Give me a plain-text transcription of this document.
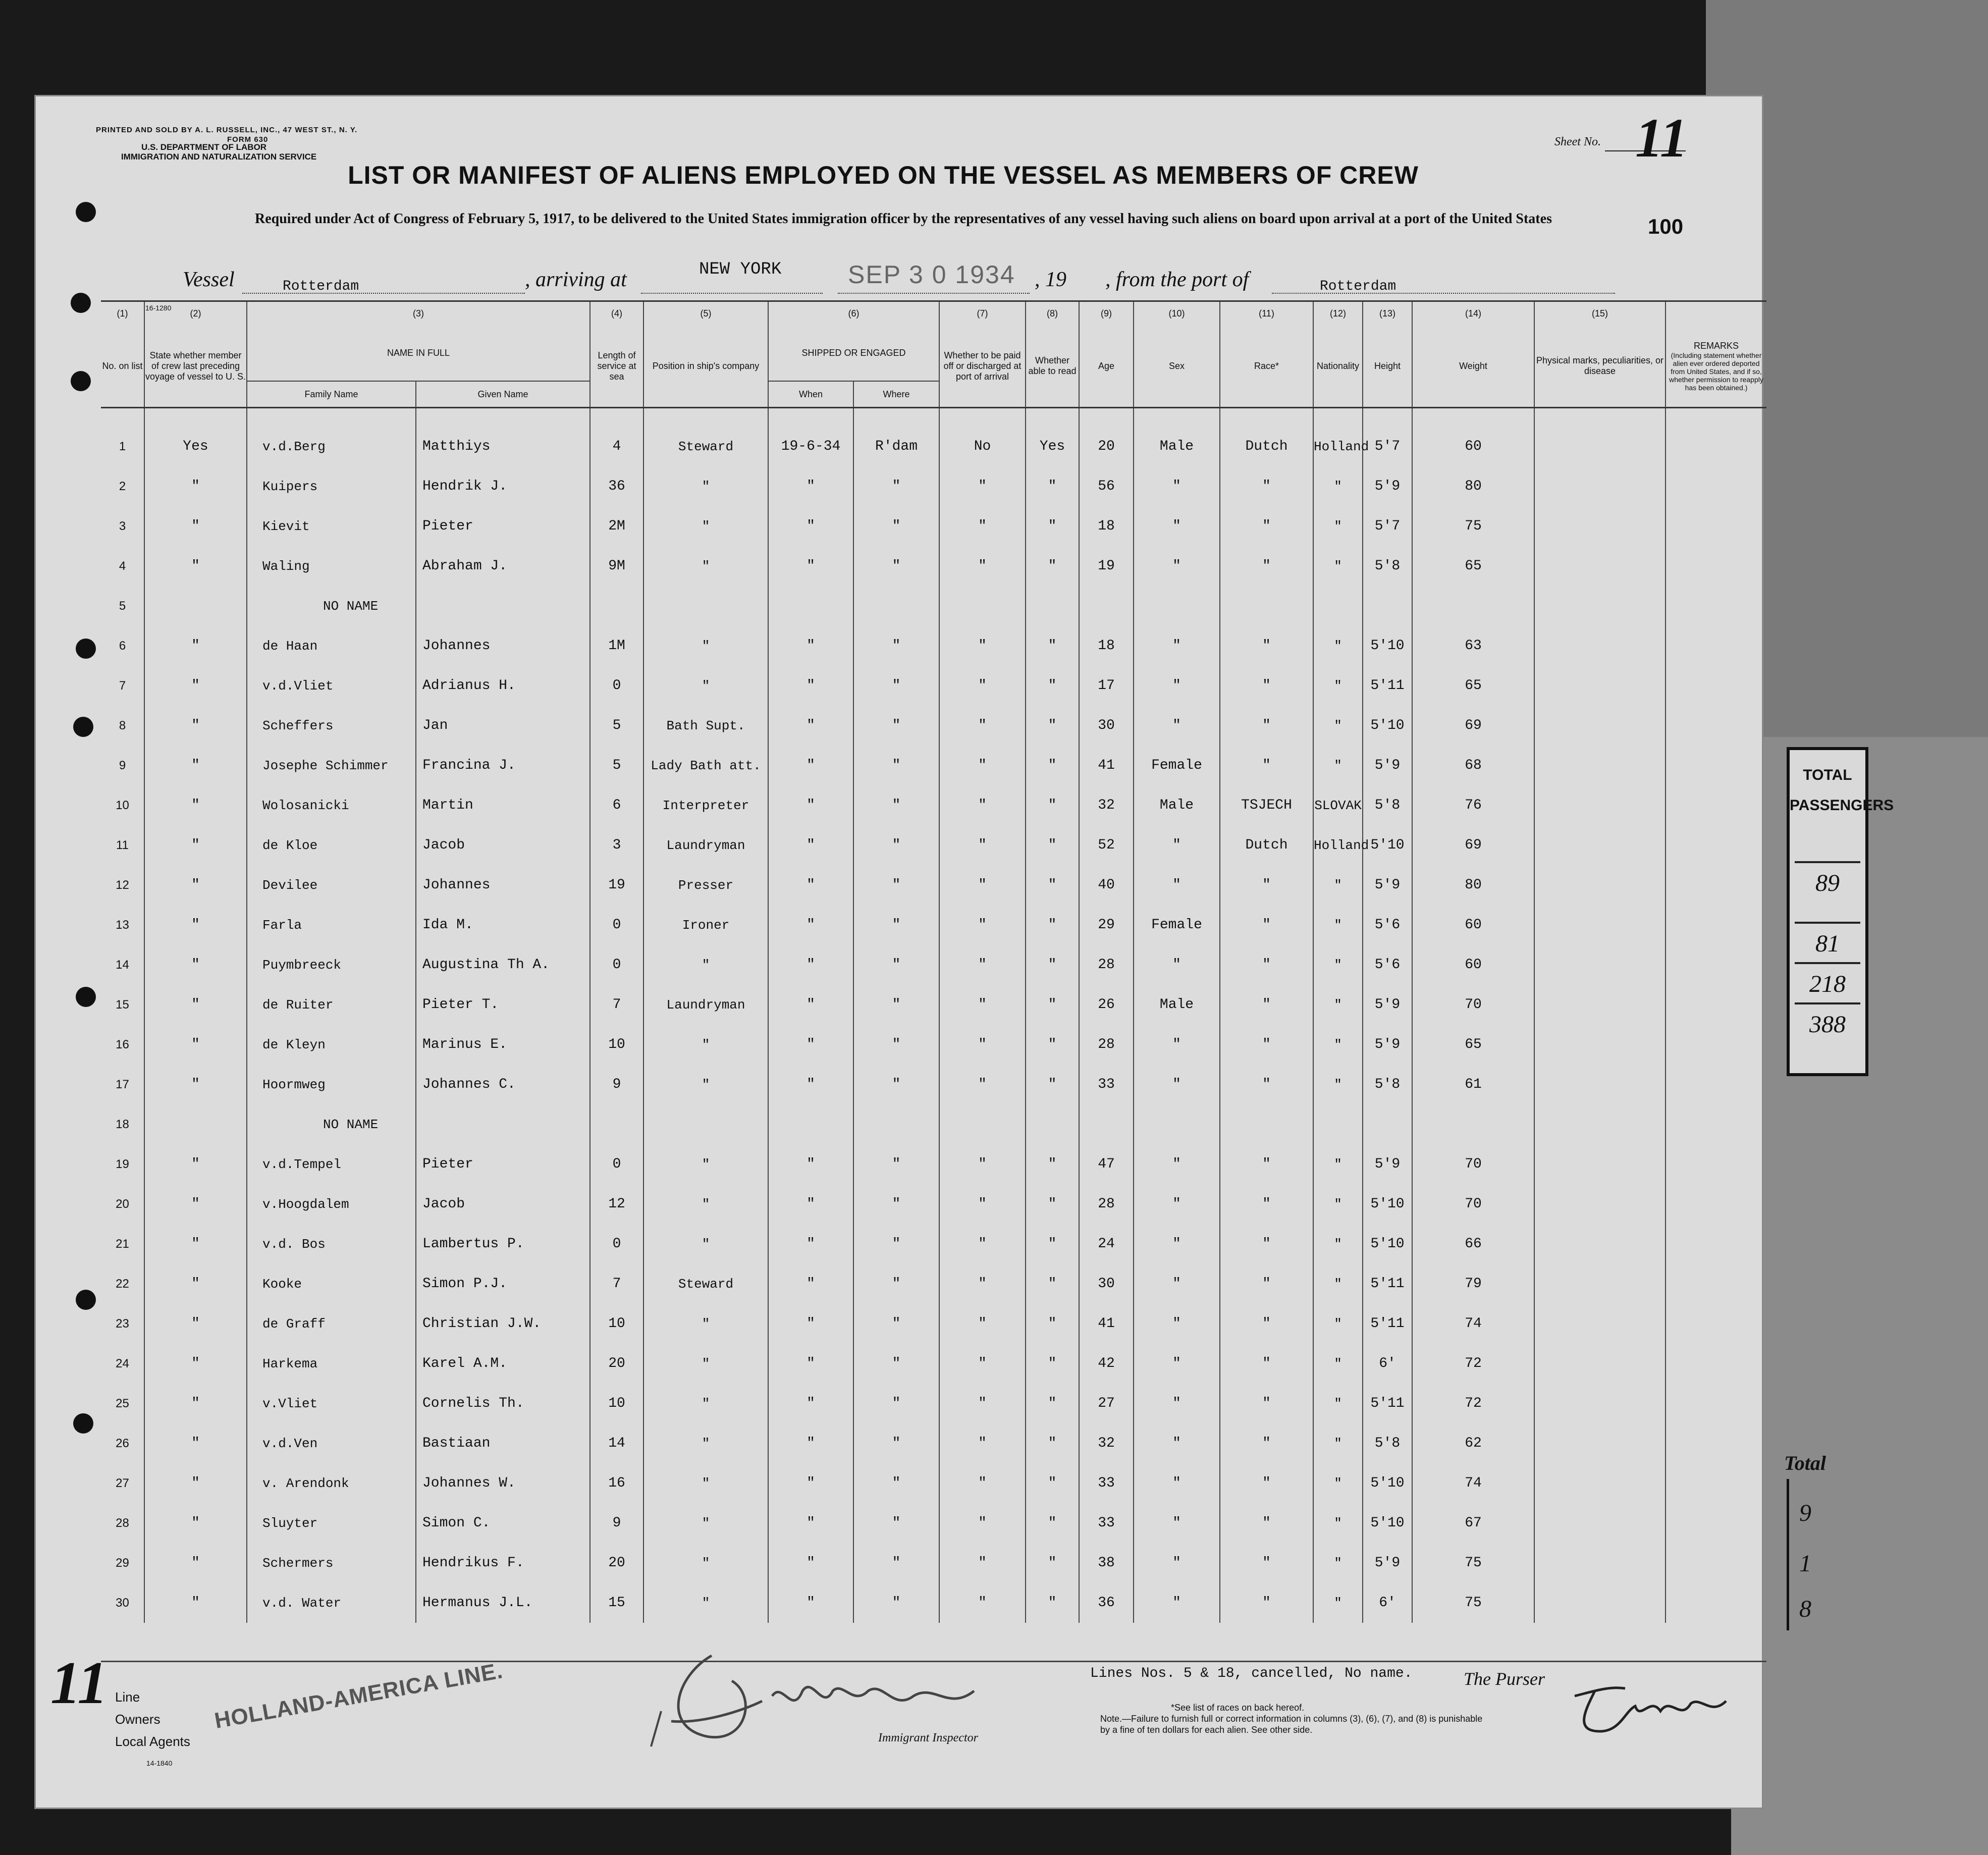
TOTAL
PASSENGERS
89
81
218
388
Total
9
1
8
PRINTED AND SOLD BY A. L. RUSSELL, INC., 47 WEST ST., N. Y.
FORM 630
U.S. DEPARTMENT OF LABOR
IMMIGRATION AND NATURALIZATION SERVICE
Sheet No. 11
LIST OR MANIFEST OF ALIENS EMPLOYED ON THE VESSEL AS MEMBERS OF CREW
Required under Act of Congress of February 5, 1917, to be delivered to the United States immigration officer by the representatives of any vessel having such aliens on board upon arrival at a port of the United States	100
Vessel	Rotterdam	, arriving at	NEW YORK	SEP 3 0 1934 , 19 , from the port of	Rotterdam
16-1280
(1)	(2)	(3)		(4)	(5)	(6)		(7)	(8)	(9)	(10)	(11)	(12)	(13)	(14)	(15)	
No. on list	State whether member of crew last preceding voyage of vessel to U. S.	NAME IN FULL		Length of service at sea	Position in ship's company	SHIPPED OR ENGAGED		Whether to be paid off or discharged at port of arrival	Whether able to read	Age	Sex	Race*	Nationality	Height	Weight	Physical marks, peculiarities, or disease	REMARKS
(Including statement whether alien ever ordered deported from United States, and if so, whether permission to reapply has been obtained.)

		Family Name	Given Name			When	Where										
1	Yes	v.d.Berg	Matthiys	4	Steward	19-6-34	R'dam	No	Yes	20	Male	Dutch	Holland	5'7	60		
2	"	Kuipers	Hendrik J.	36	"	"	"	"	"	56	"	"	"	5'9	80		
3	"	Kievit	Pieter	2M	"	"	"	"	"	18	"	"	"	5'7	75		
4	"	Waling	Abraham J.	9M	"	"	"	"	"	19	"	"	"	5'8	65		
5		NO NAME															
6	"	de Haan	Johannes	1M	"	"	"	"	"	18	"	"	"	5'10	63		
7	"	v.d.Vliet	Adrianus H.	0	"	"	"	"	"	17	"	"	"	5'11	65		
8	"	Scheffers	Jan	5	Bath Supt.	"	"	"	"	30	"	"	"	5'10	69		
9	"	Josephe Schimmer	Francina J.	5	Lady Bath att.	"	"	"	"	41	Female	"	"	5'9	68		
10	"	Wolosanicki	Martin	6	Interpreter	"	"	"	"	32	Male	TSJECH	SLOVAK	5'8	76		
11	"	de Kloe	Jacob	3	Laundryman	"	"	"	"	52	"	Dutch	Holland	5'10	69		
12	"	Devilee	Johannes	19	Presser	"	"	"	"	40	"	"	"	5'9	80		
13	"	Farla	Ida M.	0	Ironer	"	"	"	"	29	Female	"	"	5'6	60		
14	"	Puymbreeck	Augustina Th A.	0	"	"	"	"	"	28	"	"	"	5'6	60		
15	"	de Ruiter	Pieter T.	7	Laundryman	"	"	"	"	26	Male	"	"	5'9	70		
16	"	de Kleyn	Marinus E.	10	"	"	"	"	"	28	"	"	"	5'9	65		
17	"	Hoormweg	Johannes C.	9	"	"	"	"	"	33	"	"	"	5'8	61		
18		NO NAME															
19	"	v.d.Tempel	Pieter	0	"	"	"	"	"	47	"	"	"	5'9	70		
20	"	v.Hoogdalem	Jacob	12	"	"	"	"	"	28	"	"	"	5'10	70		
21	"	v.d. Bos	Lambertus P.	0	"	"	"	"	"	24	"	"	"	5'10	66		
22	"	Kooke	Simon P.J.	7	Steward	"	"	"	"	30	"	"	"	5'11	79		
23	"	de Graff	Christian J.W.	10	"	"	"	"	"	41	"	"	"	5'11	74		
24	"	Harkema	Karel A.M.	20	"	"	"	"	"	42	"	"	"	6'	72		
25	"	v.Vliet	Cornelis Th.	10	"	"	"	"	"	27	"	"	"	5'11	72		
26	"	v.d.Ven	Bastiaan	14	"	"	"	"	"	32	"	"	"	5'8	62		
27	"	v. Arendonk	Johannes W.	16	"	"	"	"	"	33	"	"	"	5'10	74		
28	"	Sluyter	Simon C.	9	"	"	"	"	"	33	"	"	"	5'10	67		
29	"	Schermers	Hendrikus F.	20	"	"	"	"	"	38	"	"	"	5'9	75		
30	"	v.d. Water	Hermanus J.L.	15	"	"	"	"	"	36	"	"	"	6'	75		
11 Line
Owners
Local Agents
HOLLAND-AMERICA LINE.
14-1840
Immigrant Inspector
Lines Nos. 5 & 18, cancelled, No name.	The Purser
*See list of races on back hereof.
Note.—Failure to furnish full or correct information in columns (3), (6), (7), and (8) is punishable by a fine of ten dollars for each alien. See other side.
